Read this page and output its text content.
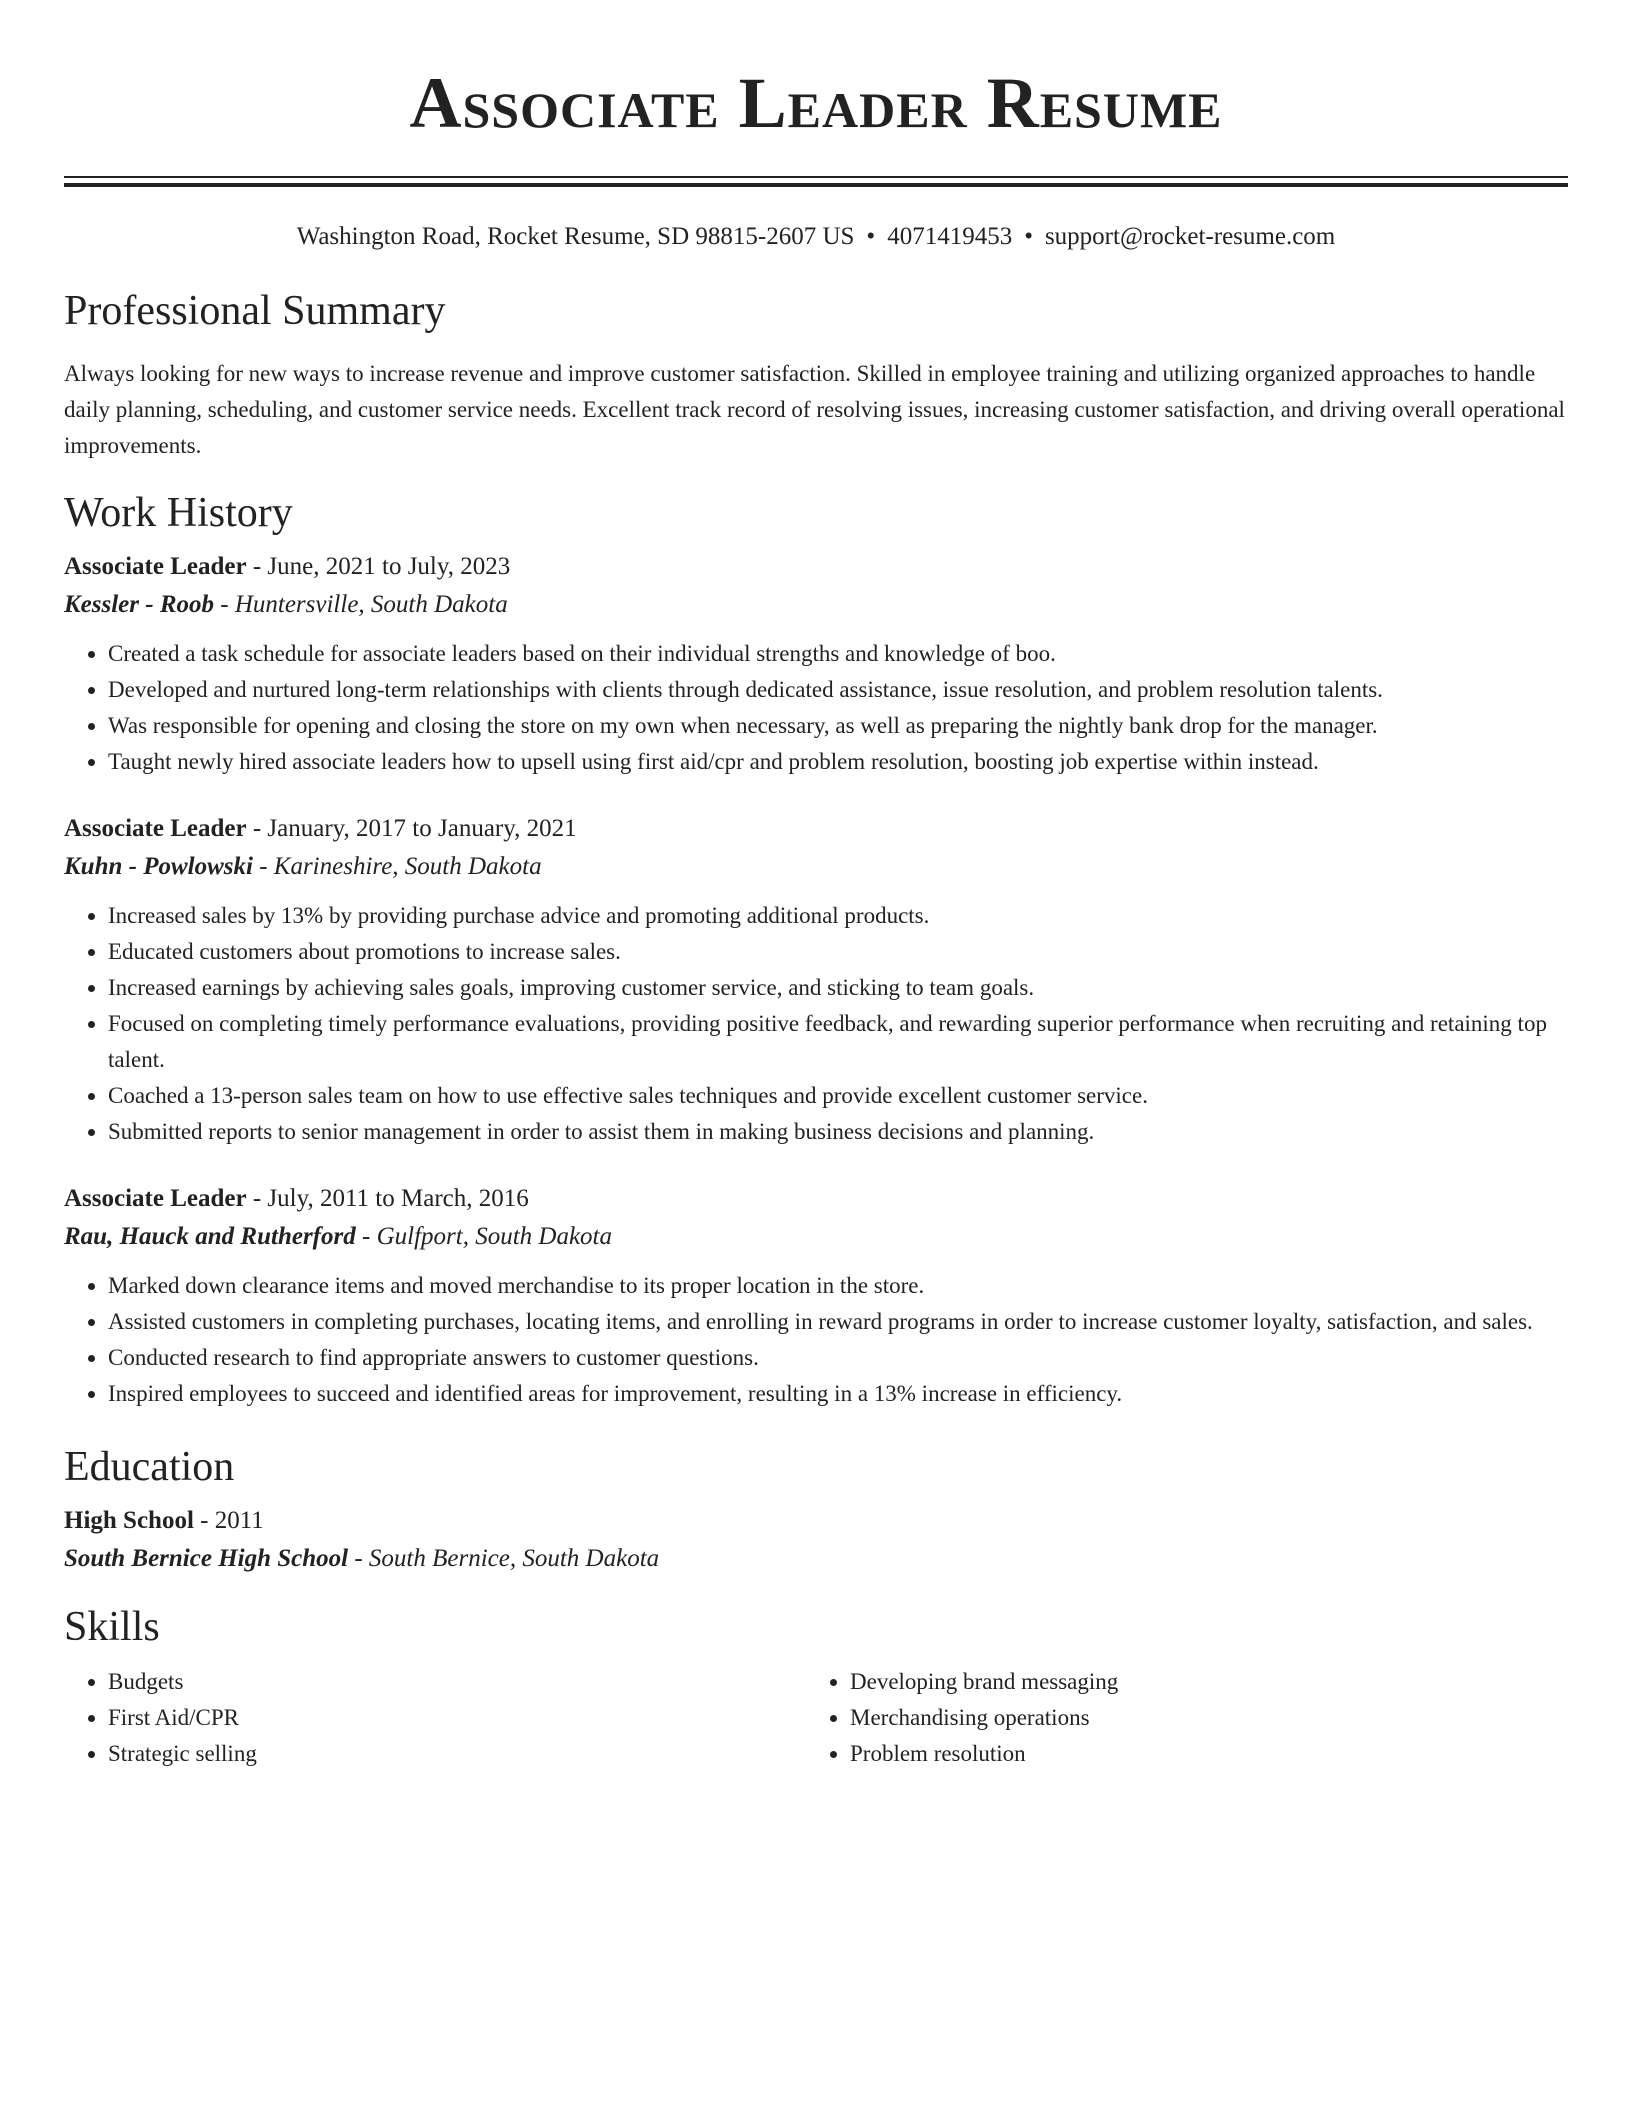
Associate Leader Resume
Washington Road, Rocket Resume, SD 98815-2607 US • 4071419453 • support@rocket-resume.com
Professional Summary

Always looking for new ways to increase revenue and improve customer satisfaction. Skilled in employee training and utilizing organized approaches to handle daily planning, scheduling, and customer service needs. Excellent track record of resolving issues, increasing customer satisfaction, and driving overall operational improvements.

Work History
Associate Leader - June, 2021 to July, 2023
Kessler - Roob - Huntersville, South Dakota
• Created a task schedule for associate leaders based on their individual strengths and knowledge of boo.
• Developed and nurtured long-term relationships with clients through dedicated assistance, issue resolution, and problem resolution talents.
• Was responsible for opening and closing the store on my own when necessary, as well as preparing the nightly bank drop for the manager.
• Taught newly hired associate leaders how to upsell using first aid/cpr and problem resolution, boosting job expertise within instead.
Associate Leader - January, 2017 to January, 2021
Kuhn - Powlowski - Karineshire, South Dakota
• Increased sales by 13% by providing purchase advice and promoting additional products.
• Educated customers about promotions to increase sales.
• Increased earnings by achieving sales goals, improving customer service, and sticking to team goals.
• Focused on completing timely performance evaluations, providing positive feedback, and rewarding superior performance when recruiting and retaining top talent.
• Coached a 13-person sales team on how to use effective sales techniques and provide excellent customer service.
• Submitted reports to senior management in order to assist them in making business decisions and planning.
Associate Leader - July, 2011 to March, 2016
Rau, Hauck and Rutherford - Gulfport, South Dakota
• Marked down clearance items and moved merchandise to its proper location in the store.
• Assisted customers in completing purchases, locating items, and enrolling in reward programs in order to increase customer loyalty, satisfaction, and sales.
• Conducted research to find appropriate answers to customer questions.
• Inspired employees to succeed and identified areas for improvement, resulting in a 13% increase in efficiency.
Education
High School - 2011
South Bernice High School - South Bernice, South Dakota
Skills
• Budgets
• First Aid/CPR
• Strategic selling
• Developing brand messaging
• Merchandising operations
• Problem resolution
